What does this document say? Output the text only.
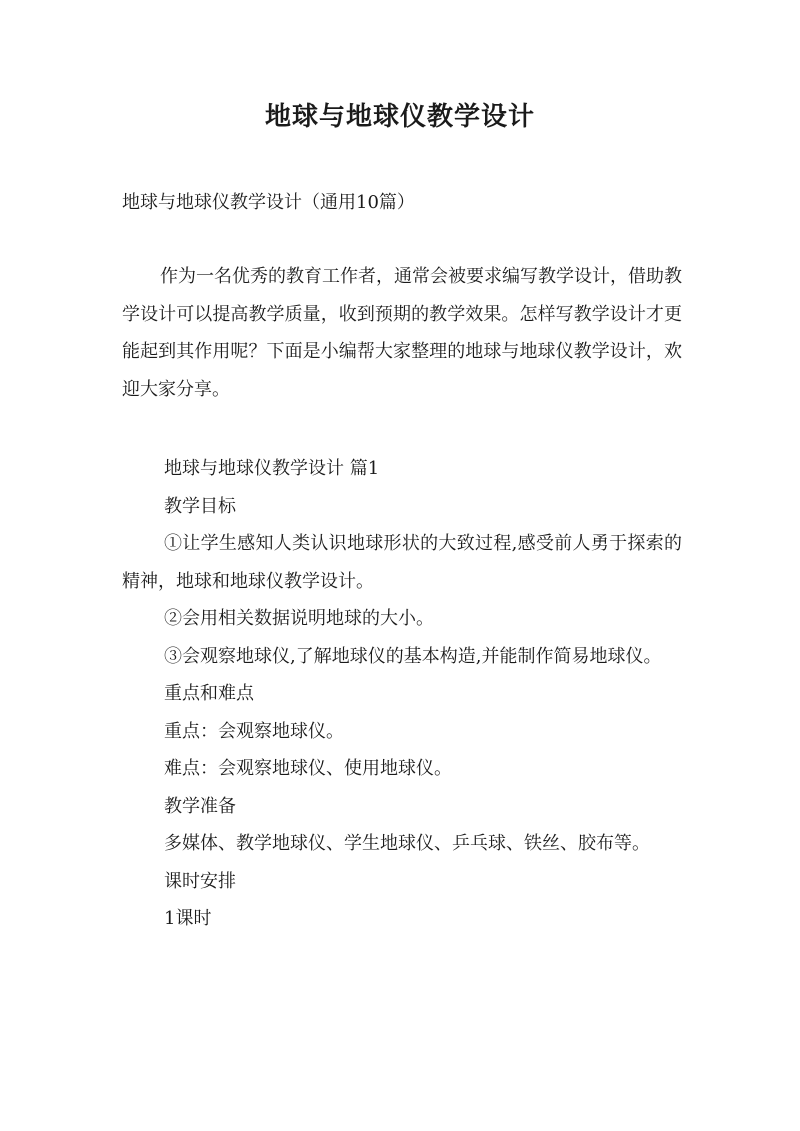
地球与地球仪教学设计

地球与地球仪教学设计（通用10篇）

作为一名优秀的教育工作者，通常会被要求编写教学设计，借助教学设计可以提高教学质量，收到预期的教学效果。怎样写教学设计才更能起到其作用呢？下面是小编帮大家整理的地球与地球仪教学设计，欢迎大家分享。

地球与地球仪教学设计 篇1

教学目标

①让学生感知人类认识地球形状的大致过程,感受前人勇于探索的精神，地球和地球仪教学设计。

②会用相关数据说明地球的大小。

③会观察地球仪,了解地球仪的基本构造,并能制作简易地球仪。

重点和难点

重点：会观察地球仪。

难点：会观察地球仪、使用地球仪。

教学准备

多媒体、教学地球仪、学生地球仪、乒乓球、铁丝、胶布等。

课时安排

1课时
